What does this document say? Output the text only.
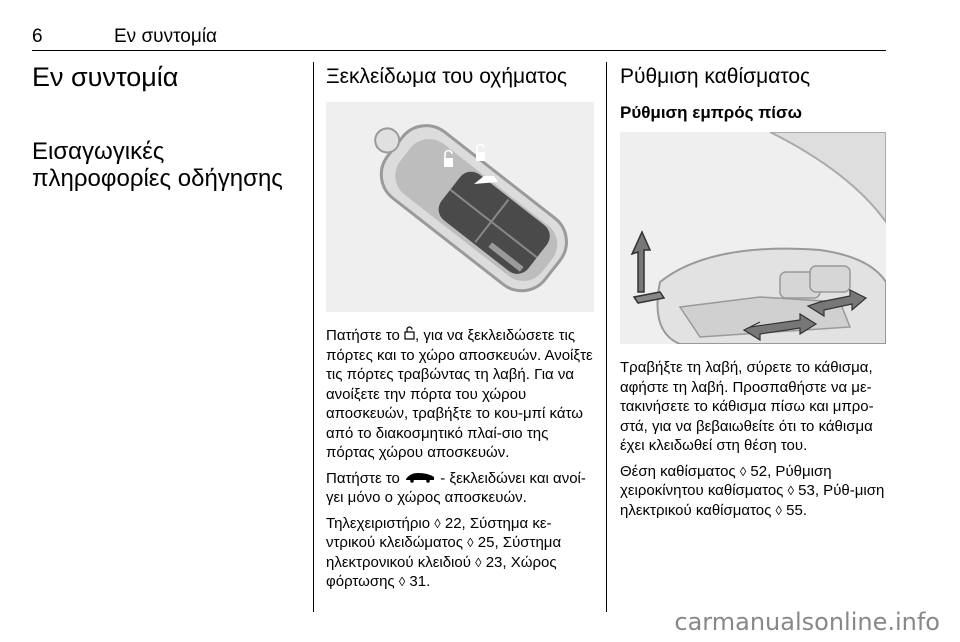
6	Εν συντομία
Εν συντομία
Εισαγωγικές
πληροφορίες οδήγησης
Ξεκλείδωμα του οχήματος

Πατήστε το , για να ξεκλειδώσετε τις πόρτες και το χώρο αποσκευών. Ανοίξτε τις πόρτες τραβώντας τη λαβή. Για να ανοίξετε την πόρτα του χώρου αποσκευών, τραβήξτε το κου-μπί κάτω από το διακοσμητικό πλαί-σιο της πόρτας χώρου αποσκευών.

Πατήστε το  - ξεκλειδώνει και ανοί-γει μόνο ο χώρος αποσκευών.

Τηλεχειριστήριο ◊ 22, Σύστημα κε-ντρικού κλειδώματος ◊ 25, Σύστημα ηλεκτρονικού κλειδιού ◊ 23, Χώρος φόρτωσης ◊ 31.

Ρύθμιση καθίσματος
Ρύθμιση εμπρός πίσω

Τραβήξτε τη λαβή, σύρετε το κάθισμα, αφήστε τη λαβή. Προσπαθήστε να με-τακινήσετε το κάθισμα πίσω και μπρο-στά, για να βεβαιωθείτε ότι το κάθισμα έχει κλειδωθεί στη θέση του.

Θέση καθίσματος ◊ 52, Ρύθμιση χειροκίνητου καθίσματος ◊ 53, Ρύθ-μιση ηλεκτρικού καθίσματος ◊ 55.

carmanualsonline.info
